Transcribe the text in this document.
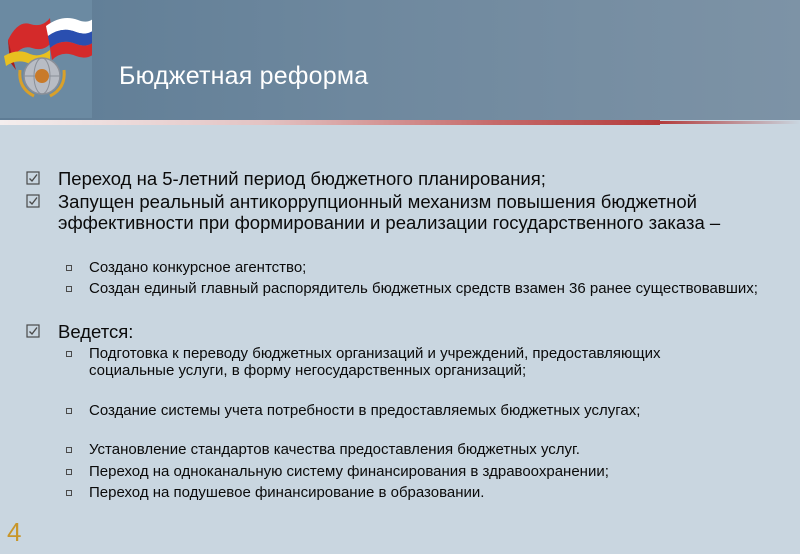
Бюджетная реформа
Переход на 5-летний период бюджетного планирования;
Запущен реальный антикоррупционный механизм повышения бюджетной эффективности при формировании и реализации государственного заказа –
Создано конкурсное агентство;
Создан единый главный распорядитель бюджетных средств взамен 36 ранее существовавших;
Ведется:
Подготовка к переводу бюджетных организаций и учреждений, предоставляющих социальные услуги, в форму негосударственных организаций;
Создание системы учета потребности в предоставляемых бюджетных услугах;
Установление стандартов качества предоставления бюджетных услуг.
Переход на одноканальную систему финансирования в здравоохранении;
Переход на подушевое финансирование в образовании.
4
